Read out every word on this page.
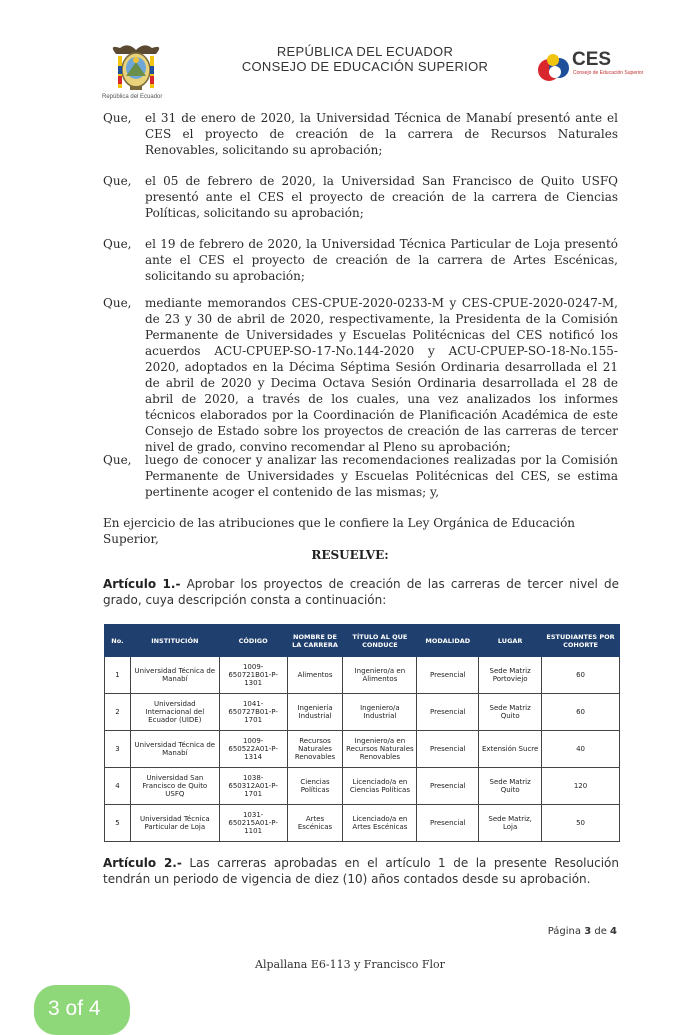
República del Ecuador
REPÚBLICA DEL ECUADOR
CONSEJO DE EDUCACIÓN SUPERIOR	CES
Consejo de Educación Superior
Que,	el 31 de enero de 2020, la Universidad Técnica de Manabí presentó ante el CES el proyecto de creación de la carrera de Recursos Naturales Renovables, solicitando su aprobación;
Que,	el 05 de febrero de 2020, la Universidad San Francisco de Quito USFQ presentó ante el CES el proyecto de creación de la carrera de Ciencias Políticas, solicitando su aprobación;
Que,	el 19 de febrero de 2020, la Universidad Técnica Particular de Loja presentó ante el CES el proyecto de creación de la carrera de Artes Escénicas, solicitando su aprobación;
Que,	mediante memorandos CES-CPUE-2020-0233-M y CES-CPUE-2020-0247-M, de 23 y 30 de abril de 2020, respectivamente, la Presidenta de la Comisión Permanente de Universidades y Escuelas Politécnicas del CES notificó los acuerdos ACU-CPUEP-SO-17-No.144-2020 y ACU-CPUEP-SO-18-No.155-2020, adoptados en la Décima Séptima Sesión Ordinaria desarrollada el 21 de abril de 2020 y Decima Octava Sesión Ordinaria desarrollada el 28 de abril de 2020, a través de los cuales, una vez analizados los informes técnicos elaborados por la Coordinación de Planificación Académica de este Consejo de Estado sobre los proyectos de creación de las carreras de tercer nivel de grado, convino recomendar al Pleno su aprobación;
Que,	luego de conocer y analizar las recomendaciones realizadas por la Comisión Permanente de Universidades y Escuelas Politécnicas del CES, se estima pertinente acoger el contenido de las mismas; y,
En ejercicio de las atribuciones que le confiere la Ley Orgánica de Educación Superior,
RESUELVE:
Artículo 1.- Aprobar los proyectos de creación de las carreras de tercer nivel de grado, cuya descripción consta a continuación:
No.	INSTITUCIÓN	CÓDIGO	NOMBRE DE LA CARRERA	TÍTULO AL QUE CONDUCE	MODALIDAD	LUGAR	ESTUDIANTES POR COHORTE
1	Universidad Técnica de Manabí	1009-650721B01-P-1301	Alimentos	Ingeniero/a en Alimentos	Presencial	Sede Matriz Portoviejo	60
2	Universidad Internacional del Ecuador (UIDE)	1041-650727B01-P-1701	Ingeniería Industrial	Ingeniero/a Industrial	Presencial	Sede Matriz Quito	60
3	Universidad Técnica de Manabí	1009-650522A01-P-1314	Recursos Naturales Renovables	Ingeniero/a en Recursos Naturales Renovables	Presencial	Extensión Sucre	40
4	Universidad San Francisco de Quito USFQ	1038-650312A01-P-1701	Ciencias Políticas	Licenciado/a en Ciencias Políticas	Presencial	Sede Matriz Quito	120
5	Universidad Técnica Particular de Loja	1031-650215A01-P-1101	Artes Escénicas	Licenciado/a en Artes Escénicas	Presencial	Sede Matriz, Loja	50
Artículo 2.- Las carreras aprobadas en el artículo 1 de la presente Resolución tendrán un periodo de vigencia de diez (10) años contados desde su aprobación.
Página 3 de 4
Alpallana E6-113 y Francisco Flor
3 of 4
